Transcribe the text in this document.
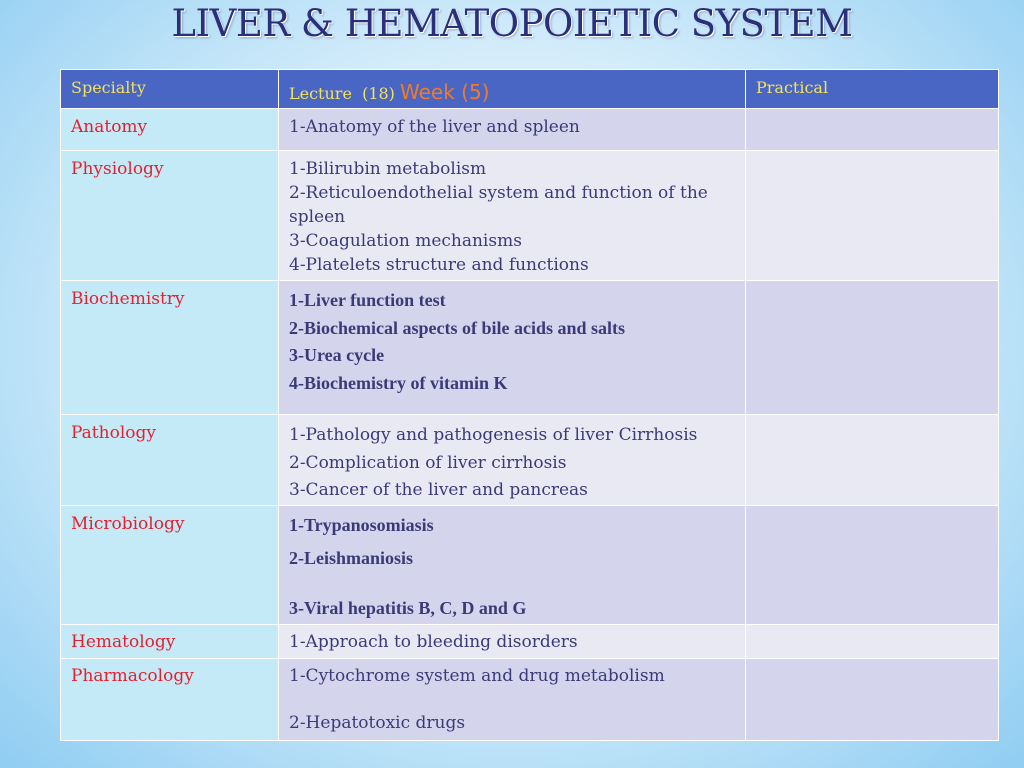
LIVER & HEMATOPOIETIC SYSTEM
Specialty	Lecture (18) Week (5)	Practical
Anatomy	1-Anatomy of the liver and spleen	

Physiology	1-Bilirubin metabolism
2-Reticuloendothelial system and function of the spleen
3-Coagulation mechanisms
4-Platelets structure and functions	

Biochemistry	1-Liver function test
2-Biochemical aspects of bile acids and salts
3-Urea cycle
4-Biochemistry of vitamin K	

Pathology	1-Pathology and pathogenesis of liver Cirrhosis
2-Complication of liver cirrhosis
3-Cancer of the liver and pancreas	

Microbiology	1-Trypanosomiasis
2-Leishmaniosis
3-Viral hepatitis B, C, D and G	

Hematology	1-Approach to bleeding disorders	

Pharmacology	1-Cytochrome system and drug metabolism
2-Hepatotoxic drugs	
